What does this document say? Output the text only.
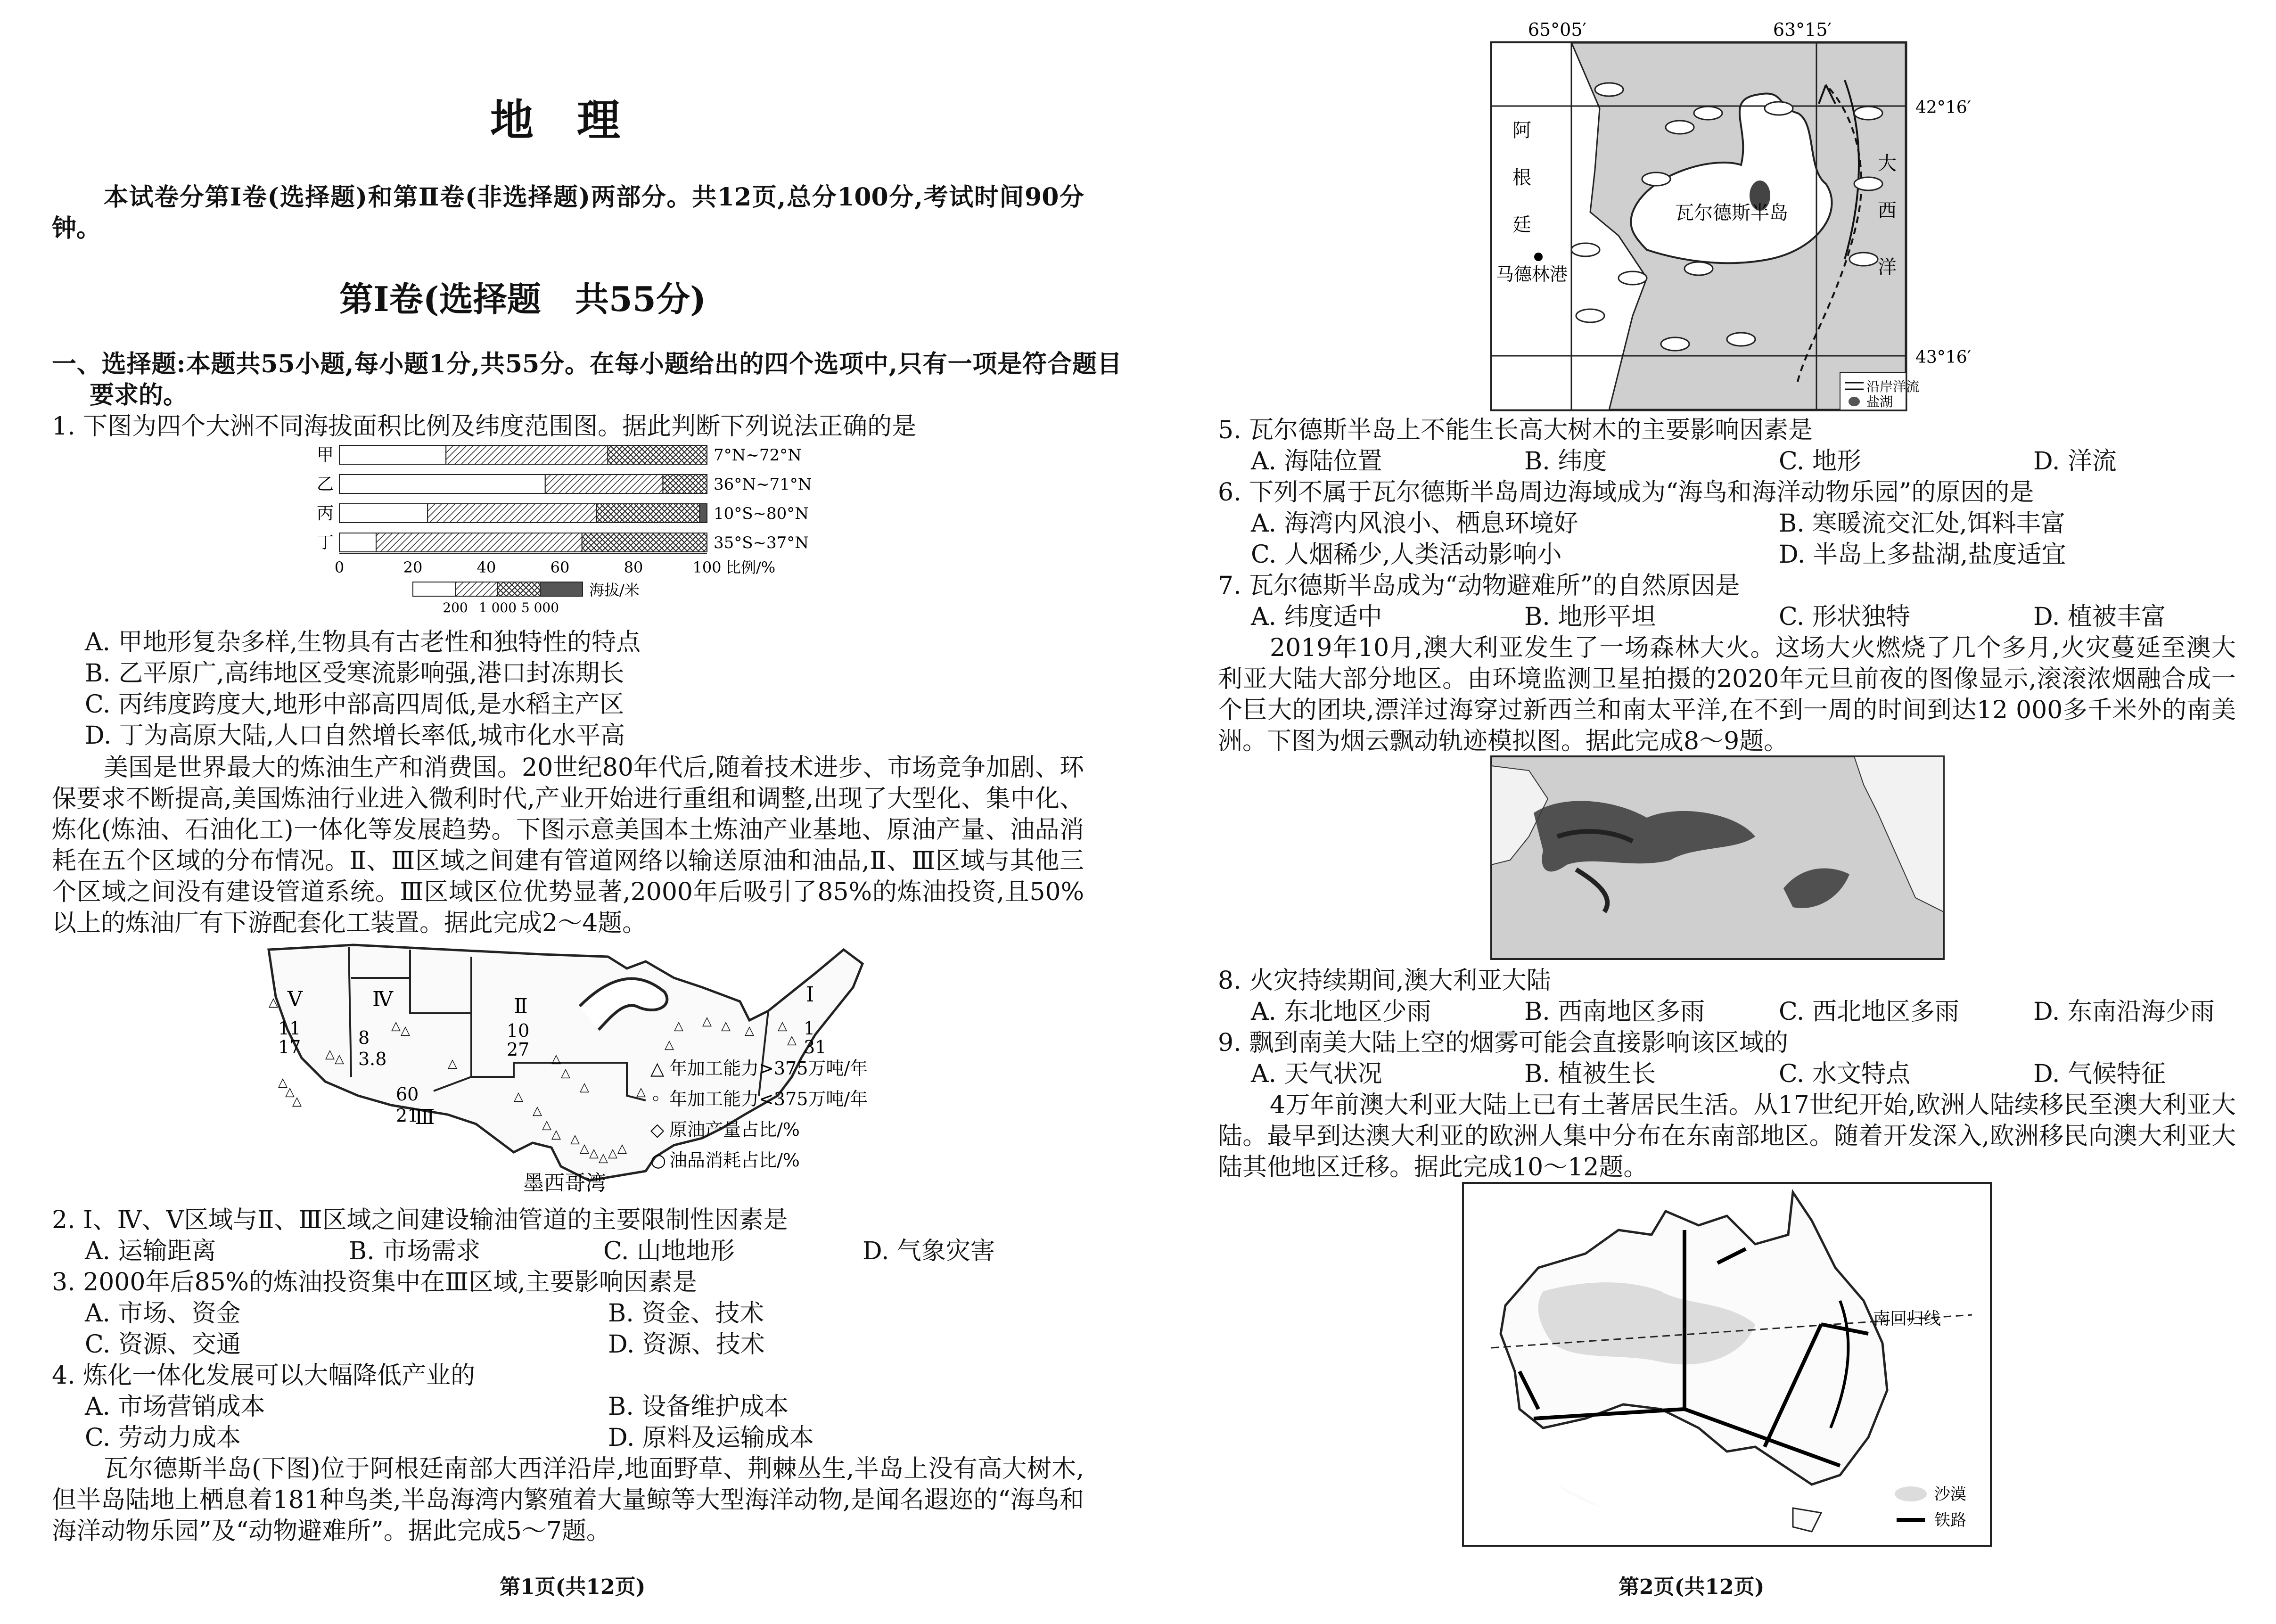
地　理
本试卷分第Ⅰ卷(选择题)和第Ⅱ卷(非选择题)两部分。共12页,总分100分,考试时间90分钟。
第Ⅰ卷(选择题　共55分)
一、选择题:本题共55小题,每小题1分,共55分。在每小题给出的四个选项中,只有一项是符合题目要求的。
1. 下图为四个大洲不同海拔面积比例及纬度范围图。据此判断下列说法正确的是
甲	7°N~72°N
乙	36°N~71°N
丙	10°S~80°N
丁	35°S~37°N
0	20	40	60	80	100 比例/%
200 1 000 5 000
海拔/米
A. 甲地形复杂多样,生物具有古老性和独特性的特点
B. 乙平原广,高纬地区受寒流影响强,港口封冻期长
C. 丙纬度跨度大,地形中部高四周低,是水稻主产区
D. 丁为高原大陆,人口自然增长率低,城市化水平高
美国是世界最大的炼油生产和消费国。20世纪80年代后,随着技术进步、市场竞争加剧、环保要求不断提高,美国炼油行业进入微利时代,产业开始进行重组和调整,出现了大型化、集中化、炼化(炼油、石油化工)一体化等发展趋势。下图示意美国本土炼油产业基地、原油产量、油品消耗在五个区域的分布情况。Ⅱ、Ⅲ区域之间建有管道网络以输送原油和油品,Ⅱ、Ⅲ区域与其他三个区域之间没有建设管道系统。Ⅲ区域区位优势显著,2000年后吸引了85%的炼油投资,且50%以上的炼油厂有下游配套化工装置。据此完成2～4题。
Ⅴ	Ⅳ	Ⅱ	Ⅰ
Ⅲ
11
17	8
3.8
10
27
1
31
60
21
墨西哥湾
△
△
△
△
△ △
△ △
△
△
△
△
△ △
△ △ △ △ △
△
△
△ △ △ △ △
△
△
△
△	△ 年加工能力>375万吨/年
◦ 年加工能力<375万吨/年
◇ 原油产量占比/%
○ 油品消耗占比/%
2. Ⅰ、Ⅳ、Ⅴ区域与Ⅱ、Ⅲ区域之间建设输油管道的主要限制性因素是
A. 运输距离	B. 市场需求	C. 山地地形	D. 气象灾害
3. 2000年后85%的炼油投资集中在Ⅲ区域,主要影响因素是
A. 市场、资金	B. 资金、技术
C. 资源、交通	D. 资源、技术
4. 炼化一体化发展可以大幅降低产业的
A. 市场营销成本	B. 设备维护成本
C. 劳动力成本	D. 原料及运输成本
瓦尔德斯半岛(下图)位于阿根廷南部大西洋沿岸,地面野草、荆棘丛生,半岛上没有高大树木,但半岛陆地上栖息着181种鸟类,半岛海湾内繁殖着大量鲸等大型海洋动物,是闻名遐迩的“海鸟和海洋动物乐园”及“动物避难所”。据此完成5～7题。
第1页(共12页)
65°05′	63°15′
42°16′
43°16′
阿
根
廷
马德林港
瓦尔德斯半岛
大
西
洋
沿岸洋流
盐湖
5. 瓦尔德斯半岛上不能生长高大树木的主要影响因素是
A. 海陆位置	B. 纬度	C. 地形	D. 洋流
6. 下列不属于瓦尔德斯半岛周边海域成为“海鸟和海洋动物乐园”的原因的是
A. 海湾内风浪小、栖息环境好	B. 寒暖流交汇处,饵料丰富
C. 人烟稀少,人类活动影响小	D. 半岛上多盐湖,盐度适宜
7. 瓦尔德斯半岛成为“动物避难所”的自然原因是
A. 纬度适中	B. 地形平坦	C. 形状独特	D. 植被丰富
2019年10月,澳大利亚发生了一场森林大火。这场大火燃烧了几个多月,火灾蔓延至澳大利亚大陆大部分地区。由环境监测卫星拍摄的2020年元旦前夜的图像显示,滚滚浓烟融合成一个巨大的团块,漂洋过海穿过新西兰和南太平洋,在不到一周的时间到达12 000多千米外的南美洲。下图为烟云飘动轨迹模拟图。据此完成8～9题。
8. 火灾持续期间,澳大利亚大陆
A. 东北地区少雨	B. 西南地区多雨	C. 西北地区多雨	D. 东南沿海少雨
9. 飘到南美大陆上空的烟雾可能会直接影响该区域的
A. 天气状况	B. 植被生长	C. 水文特点	D. 气候特征
4万年前澳大利亚大陆上已有土著居民生活。从17世纪开始,欧洲人陆续移民至澳大利亚大陆。最早到达澳大利亚的欧洲人集中分布在东南部地区。随着开发深入,欧洲移民向澳大利亚大陆其他地区迁移。据此完成10～12题。
南回归线
沙漠
铁路
第2页(共12页)
